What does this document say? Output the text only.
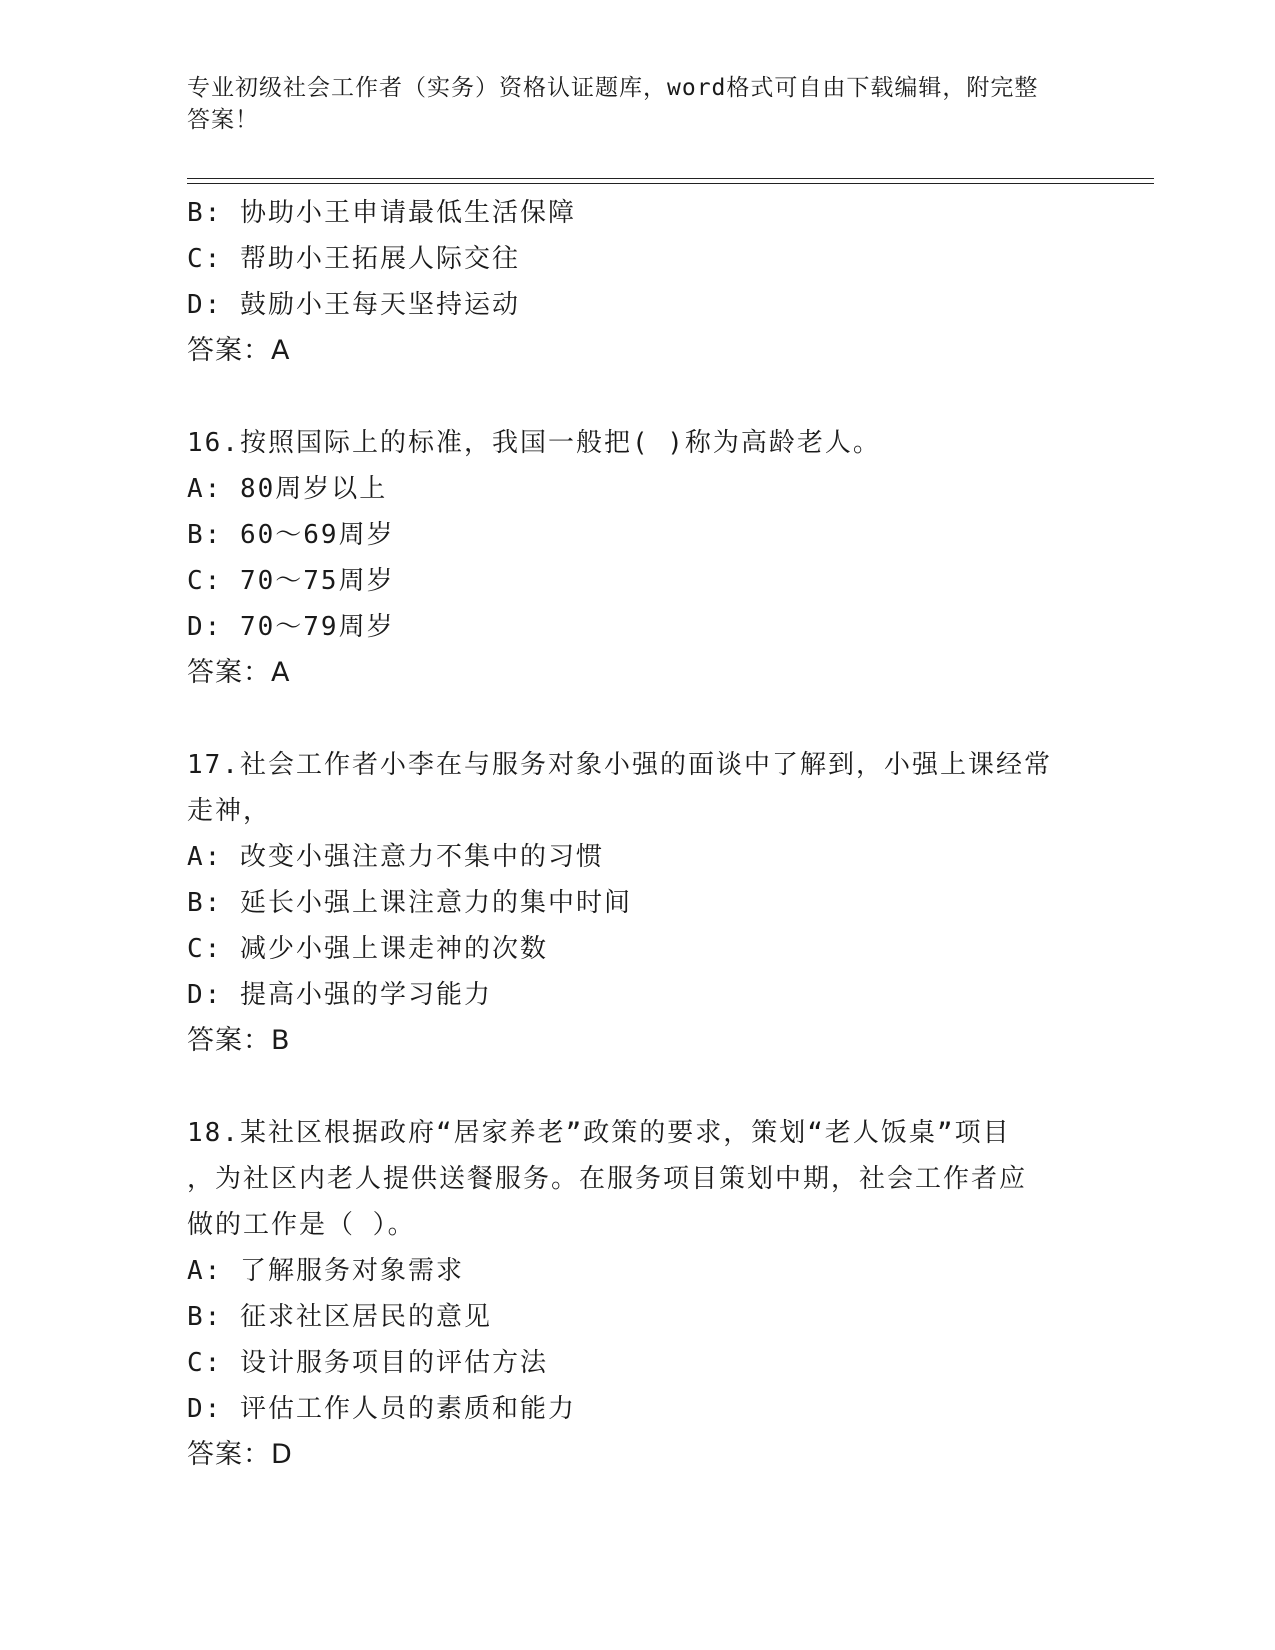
专业初级社会工作者（实务）资格认证题库，word格式可自由下载编辑，附完整
答案！
B: 协助小王申请最低生活保障
C: 帮助小王拓展人际交往
D: 鼓励小王每天坚持运动
答案：A
16.按照国际上的标准，我国一般把( )称为高龄老人。
A: 80周岁以上
B: 60～69周岁
C: 70～75周岁
D: 70～79周岁
答案：A
17.社会工作者小李在与服务对象小强的面谈中了解到，小强上课经常
走神，
A: 改变小强注意力不集中的习惯
B: 延长小强上课注意力的集中时间
C: 减少小强上课走神的次数
D: 提高小强的学习能力
答案：B
18.某社区根据政府“居家养老”政策的要求，策划“老人饭桌”项目
，为社区内老人提供送餐服务。在服务项目策划中期，社会工作者应
做的工作是（ ）。
A: 了解服务对象需求
B: 征求社区居民的意见
C: 设计服务项目的评估方法
D: 评估工作人员的素质和能力
答案：D
